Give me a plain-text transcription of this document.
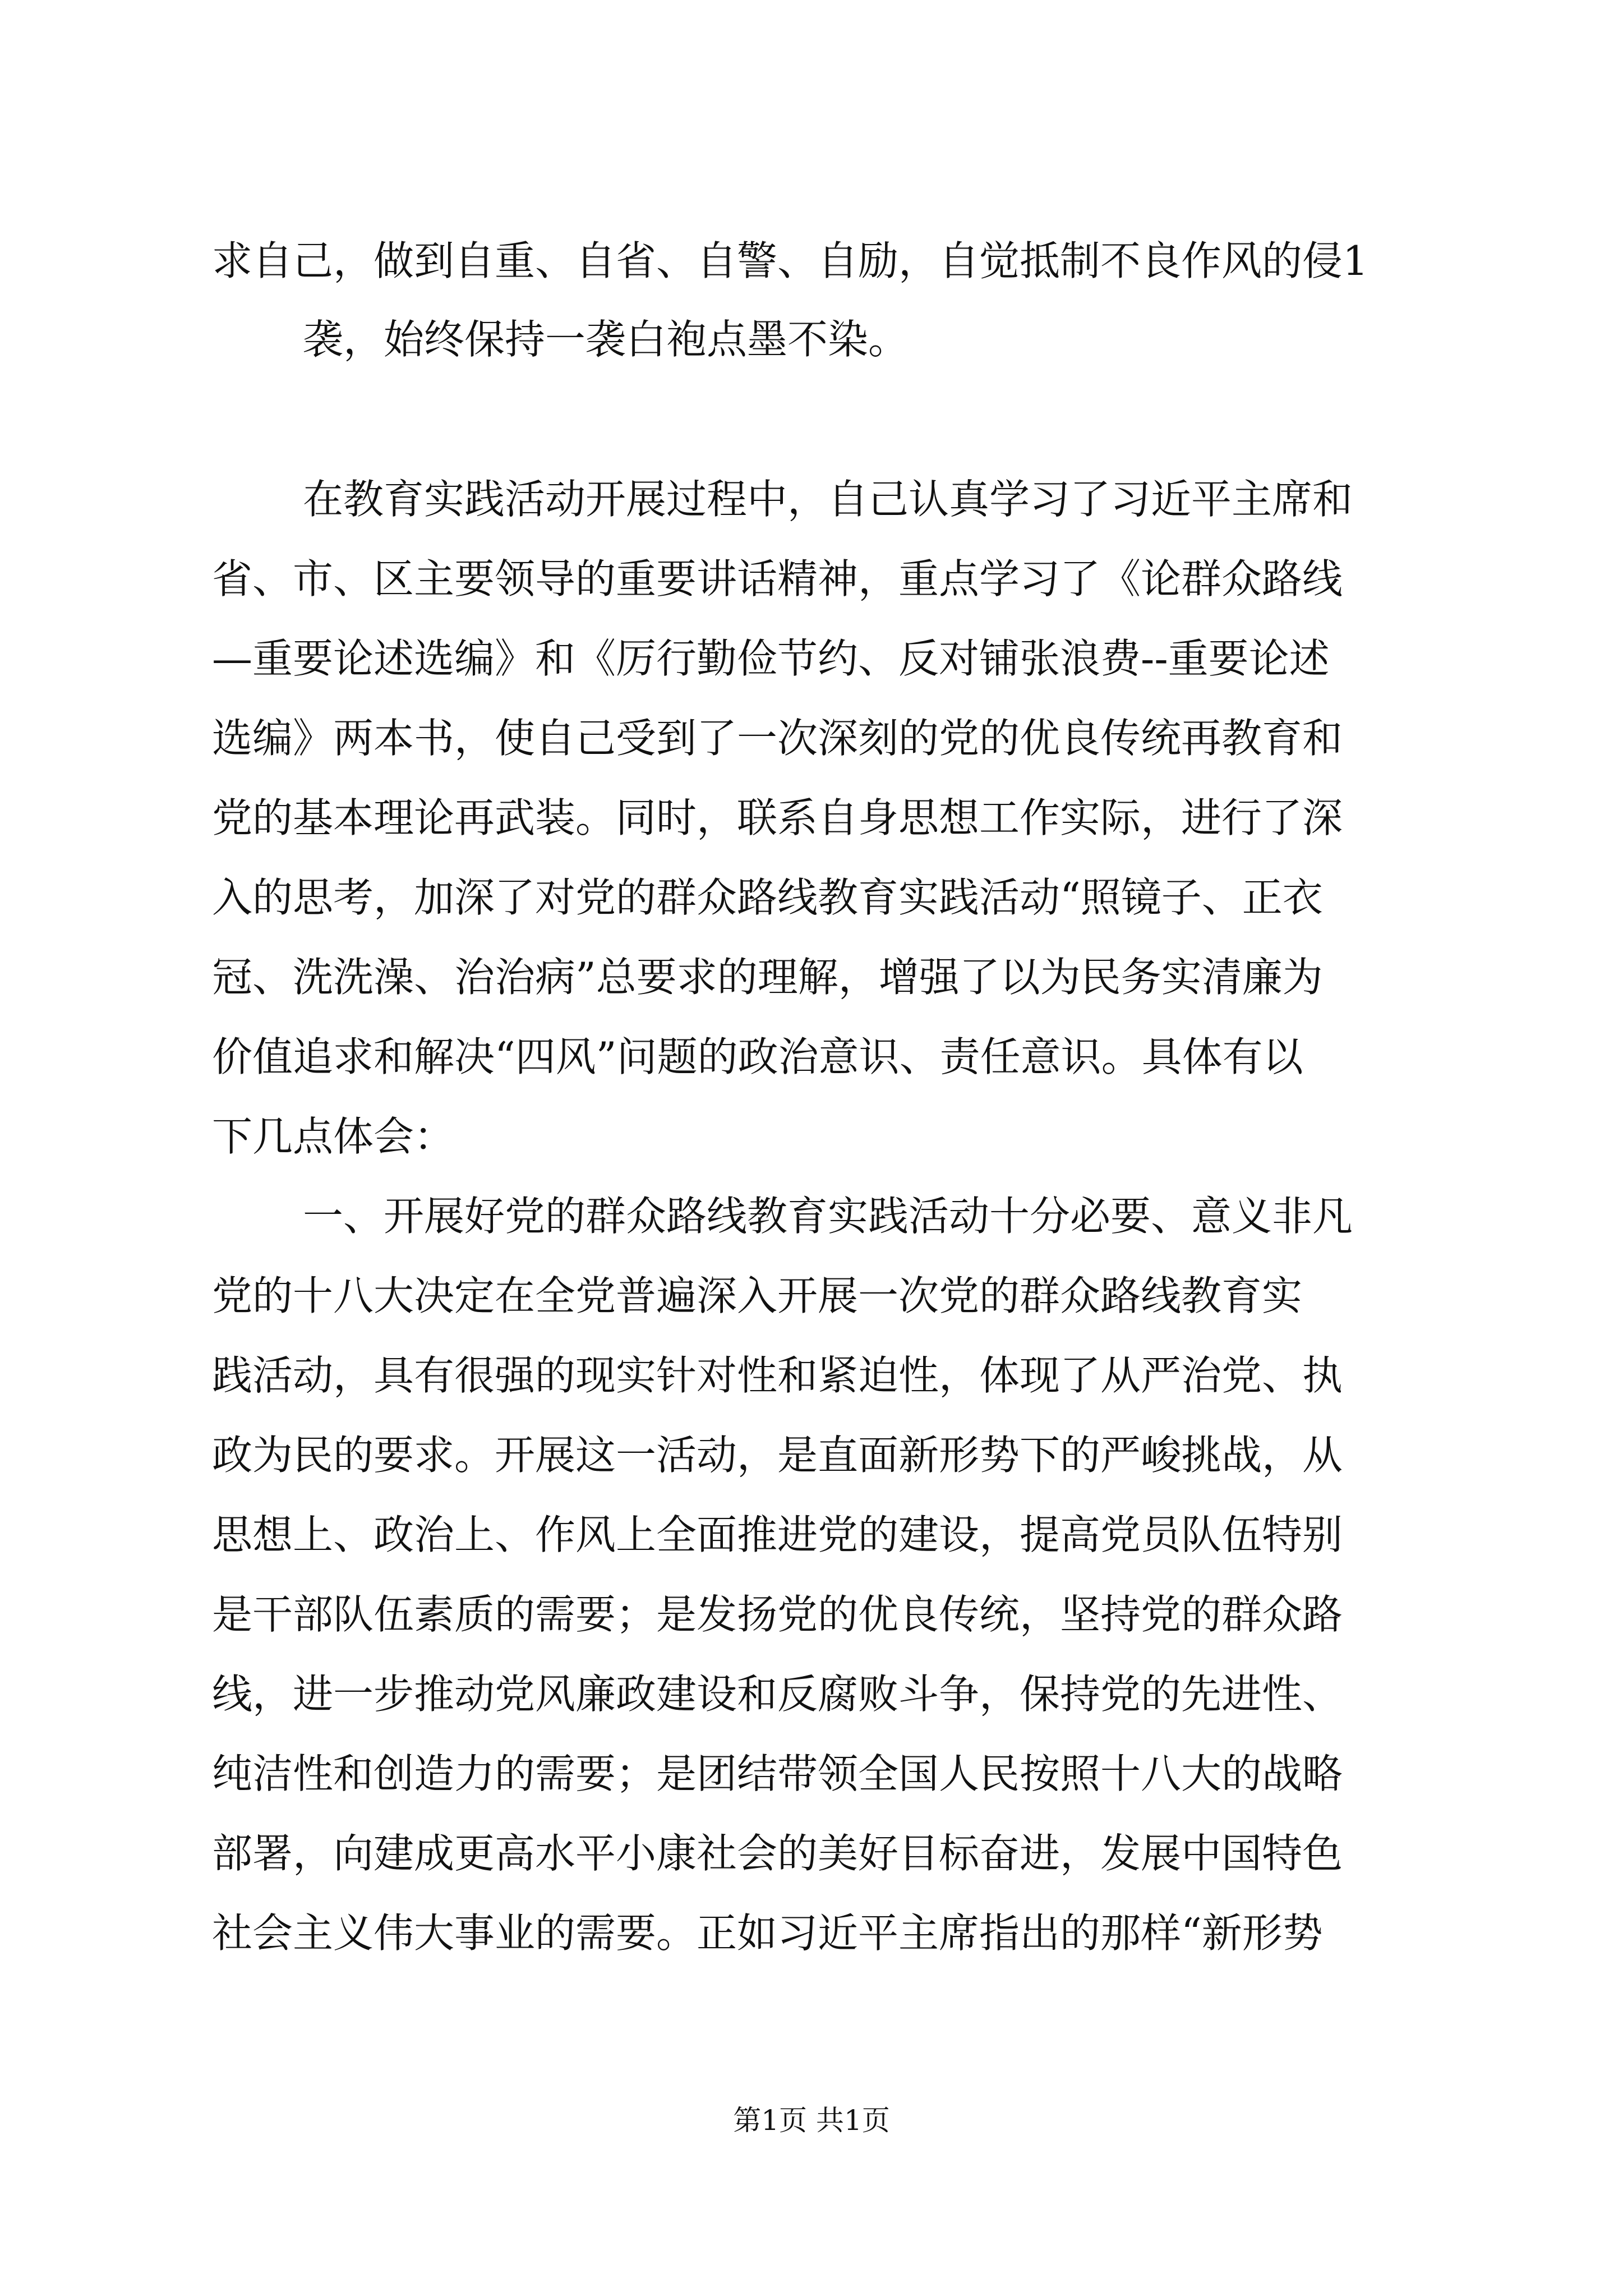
求自己，做到自重、自省、自警、自励，自觉抵制不良作风的侵1
袭，始终保持一袭白袍点墨不染。
在教育实践活动开展过程中，自己认真学习了习近平主席和
省、市、区主要领导的重要讲话精神，重点学习了《论群众路线
—重要论述选编》和《厉行勤俭节约、反对铺张浪费--重要论述
选编》两本书，使自己受到了一次深刻的党的优良传统再教育和
党的基本理论再武装。同时，联系自身思想工作实际，进行了深
入的思考，加深了对党的群众路线教育实践活动“照镜子、正衣
冠、洗洗澡、治治病”总要求的理解，增强了以为民务实清廉为
价值追求和解决“四风”问题的政治意识、责任意识。具体有以
下几点体会：
一、开展好党的群众路线教育实践活动十分必要、意义非凡
党的十八大决定在全党普遍深入开展一次党的群众路线教育实
践活动，具有很强的现实针对性和紧迫性，体现了从严治党、执
政为民的要求。开展这一活动，是直面新形势下的严峻挑战，从
思想上、政治上、作风上全面推进党的建设，提高党员队伍特别
是干部队伍素质的需要；是发扬党的优良传统，坚持党的群众路
线，进一步推动党风廉政建设和反腐败斗争，保持党的先进性、
纯洁性和创造力的需要；是团结带领全国人民按照十八大的战略
部署，向建成更高水平小康社会的美好目标奋进，发展中国特色
社会主义伟大事业的需要。正如习近平主席指出的那样“新形势
第1页 共1页
